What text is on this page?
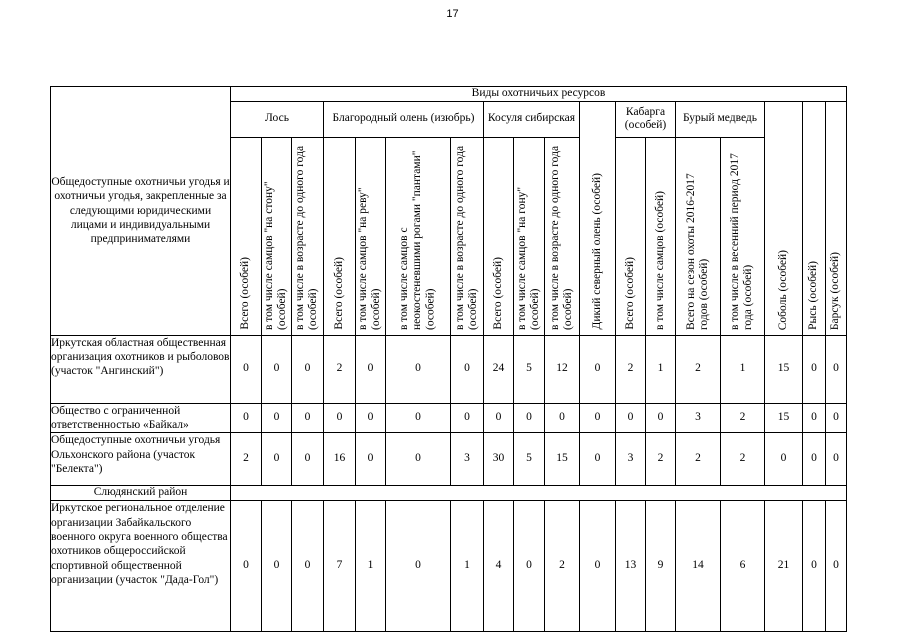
17
Общедоступные охотничьи угодья и охотничьи угодья, закрепленные за следующими юридическими лицами и индивидуальными предпринимателями	Виды охотничьих ресурсов																	
	Лось			Благородный олень (изюбрь)				Косуля сибирская			Дикий северный олень (особей)	Кабарга (особей)		Бурый медведь		Соболь (особей)	Рысь (особей)	Барсук (особей)
	Всего (особей)	в том числе самцов "на стону" (особей)	в том числе в возрасте до одного года (особей)	Всего (особей)	в том числе самцов "на реву" (особей)	в том числе самцов с неокостеневшими рогами "пантами" (особей)	в том числе в возрасте до одного года (особей)	Всего (особей)	в том числе самцов "на гону" (особей)	в том числе в возрасте до одного года (особей)		Всего (особей)	в том числе самцов (особей)	Всего на сезон охоты 2016-2017 годов (особей)	в том числе в весенний период 2017 года (особей)			
Иркутская областная общественная организация охотников и рыболовов (участок "Ангинский")	0	0	0	2	0	0	0	24	5	12	0	2	1	2	1	15	0	0
Общество с ограниченной ответственностью «Байкал»	0	0	0	0	0	0	0	0	0	0	0	0	0	3	2	15	0	0
Общедоступные охотничьи угодья Ольхонского района (участок "Белекта")	2	0	0	16	0	0	3	30	5	15	0	3	2	2	2	0	0	0
Слюдянский район																		
Иркутское региональное отделение организации Забайкальского военного округа военного общества охотников общероссийской спортивной общественной организации (участок "Дада-Гол")	0	0	0	7	1	0	1	4	0	2	0	13	9	14	6	21	0	0
